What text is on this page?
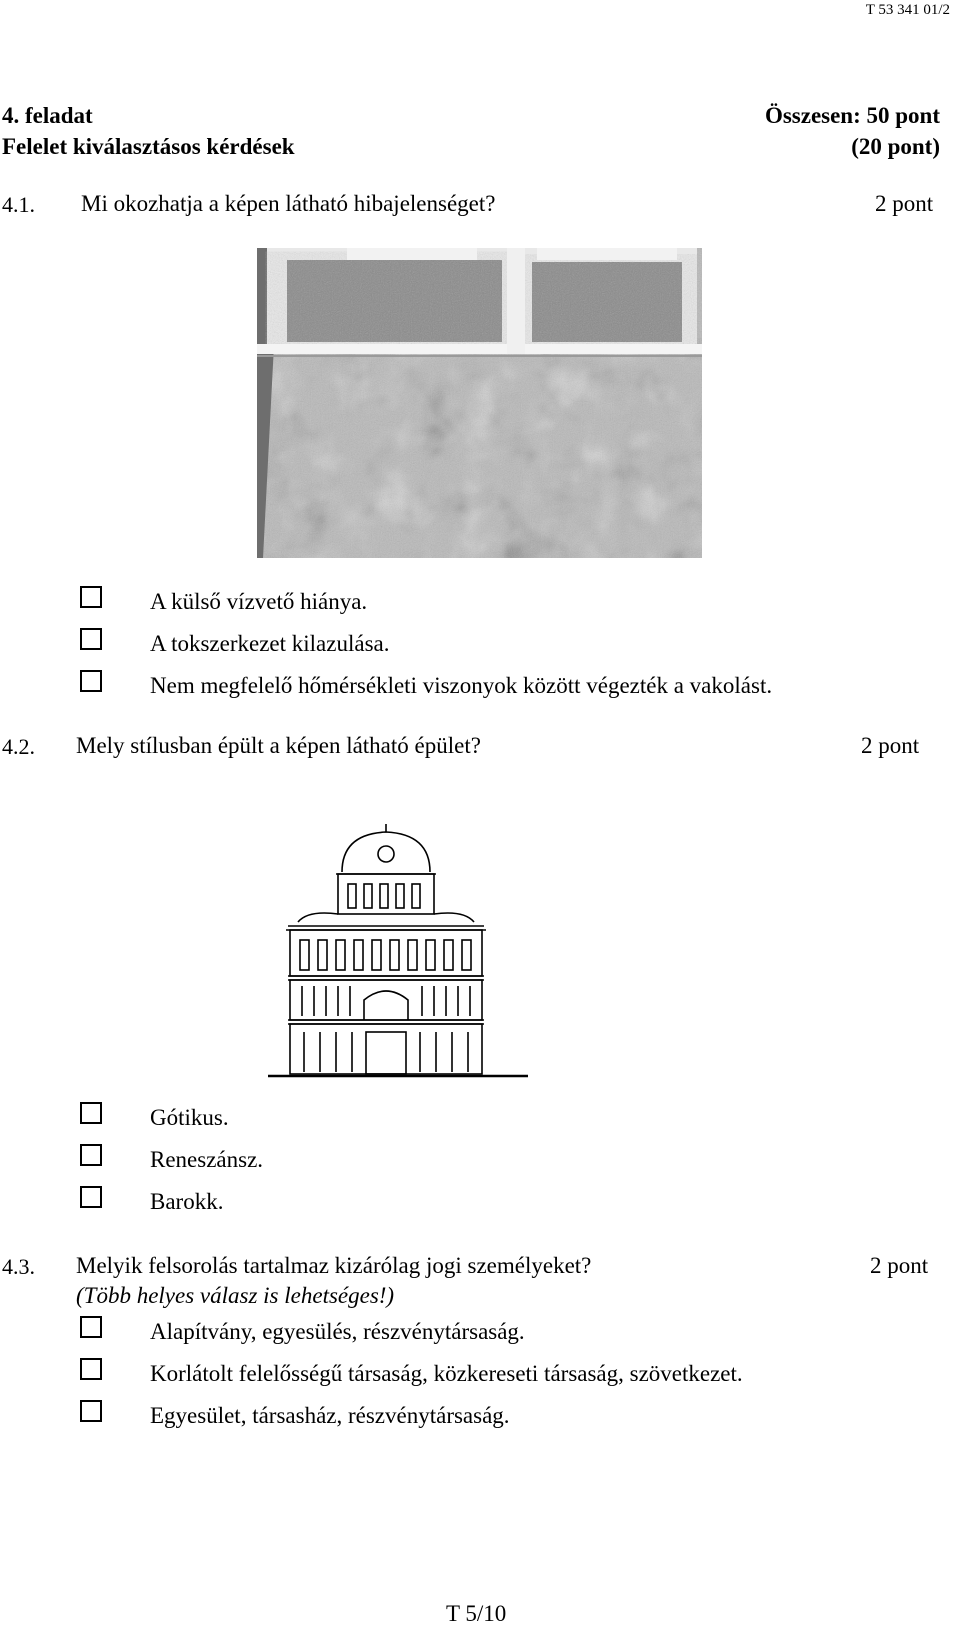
T 53 341 01/2
4. feladat	Összesen: 50 pont
Felelet kiválasztásos kérdések	(20 pont)
4.1. Mi okozhatja a képen látható hibajelenséget?	2 pont
A külső vízvető hiánya.
A tokszerkezet kilazulása.
Nem megfelelő hőmérsékleti viszonyok között végezték a vakolást.
4.2. Mely stílusban épült a képen látható épület?	2 pont
Gótikus.
Reneszánsz.
Barokk.
4.3. Melyik felsorolás tartalmaz kizárólag jogi személyeket?	2 pont
(Több helyes válasz is lehetséges!)
Alapítvány, egyesülés, részvénytársaság.
Korlátolt felelősségű társaság, közkereseti társaság, szövetkezet.
Egyesület, társasház, részvénytársaság.
T 5/10
